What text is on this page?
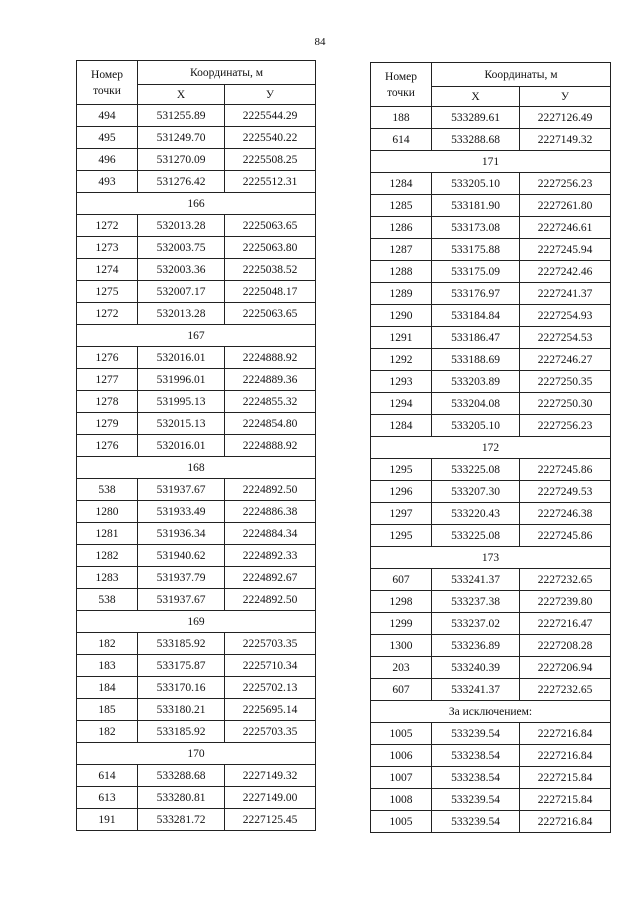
84
Номер точки	Координаты, м	
	X	У
494	531255.89	2225544.29
495	531249.70	2225540.22
496	531270.09	2225508.25
493	531276.42	2225512.31
166		
1272	532013.28	2225063.65
1273	532003.75	2225063.80
1274	532003.36	2225038.52
1275	532007.17	2225048.17
1272	532013.28	2225063.65
167		
1276	532016.01	2224888.92
1277	531996.01	2224889.36
1278	531995.13	2224855.32
1279	532015.13	2224854.80
1276	532016.01	2224888.92
168		
538	531937.67	2224892.50
1280	531933.49	2224886.38
1281	531936.34	2224884.34
1282	531940.62	2224892.33
1283	531937.79	2224892.67
538	531937.67	2224892.50
169		
182	533185.92	2225703.35
183	533175.87	2225710.34
184	533170.16	2225702.13
185	533180.21	2225695.14
182	533185.92	2225703.35
170		
614	533288.68	2227149.32
613	533280.81	2227149.00
191	533281.72	2227125.45
Номер точки	Координаты, м	
	X	У
188	533289.61	2227126.49
614	533288.68	2227149.32
171		
1284	533205.10	2227256.23
1285	533181.90	2227261.80
1286	533173.08	2227246.61
1287	533175.88	2227245.94
1288	533175.09	2227242.46
1289	533176.97	2227241.37
1290	533184.84	2227254.93
1291	533186.47	2227254.53
1292	533188.69	2227246.27
1293	533203.89	2227250.35
1294	533204.08	2227250.30
1284	533205.10	2227256.23
172		
1295	533225.08	2227245.86
1296	533207.30	2227249.53
1297	533220.43	2227246.38
1295	533225.08	2227245.86
173		
607	533241.37	2227232.65
1298	533237.38	2227239.80
1299	533237.02	2227216.47
1300	533236.89	2227208.28
203	533240.39	2227206.94
607	533241.37	2227232.65
За исключением:		
1005	533239.54	2227216.84
1006	533238.54	2227216.84
1007	533238.54	2227215.84
1008	533239.54	2227215.84
1005	533239.54	2227216.84
